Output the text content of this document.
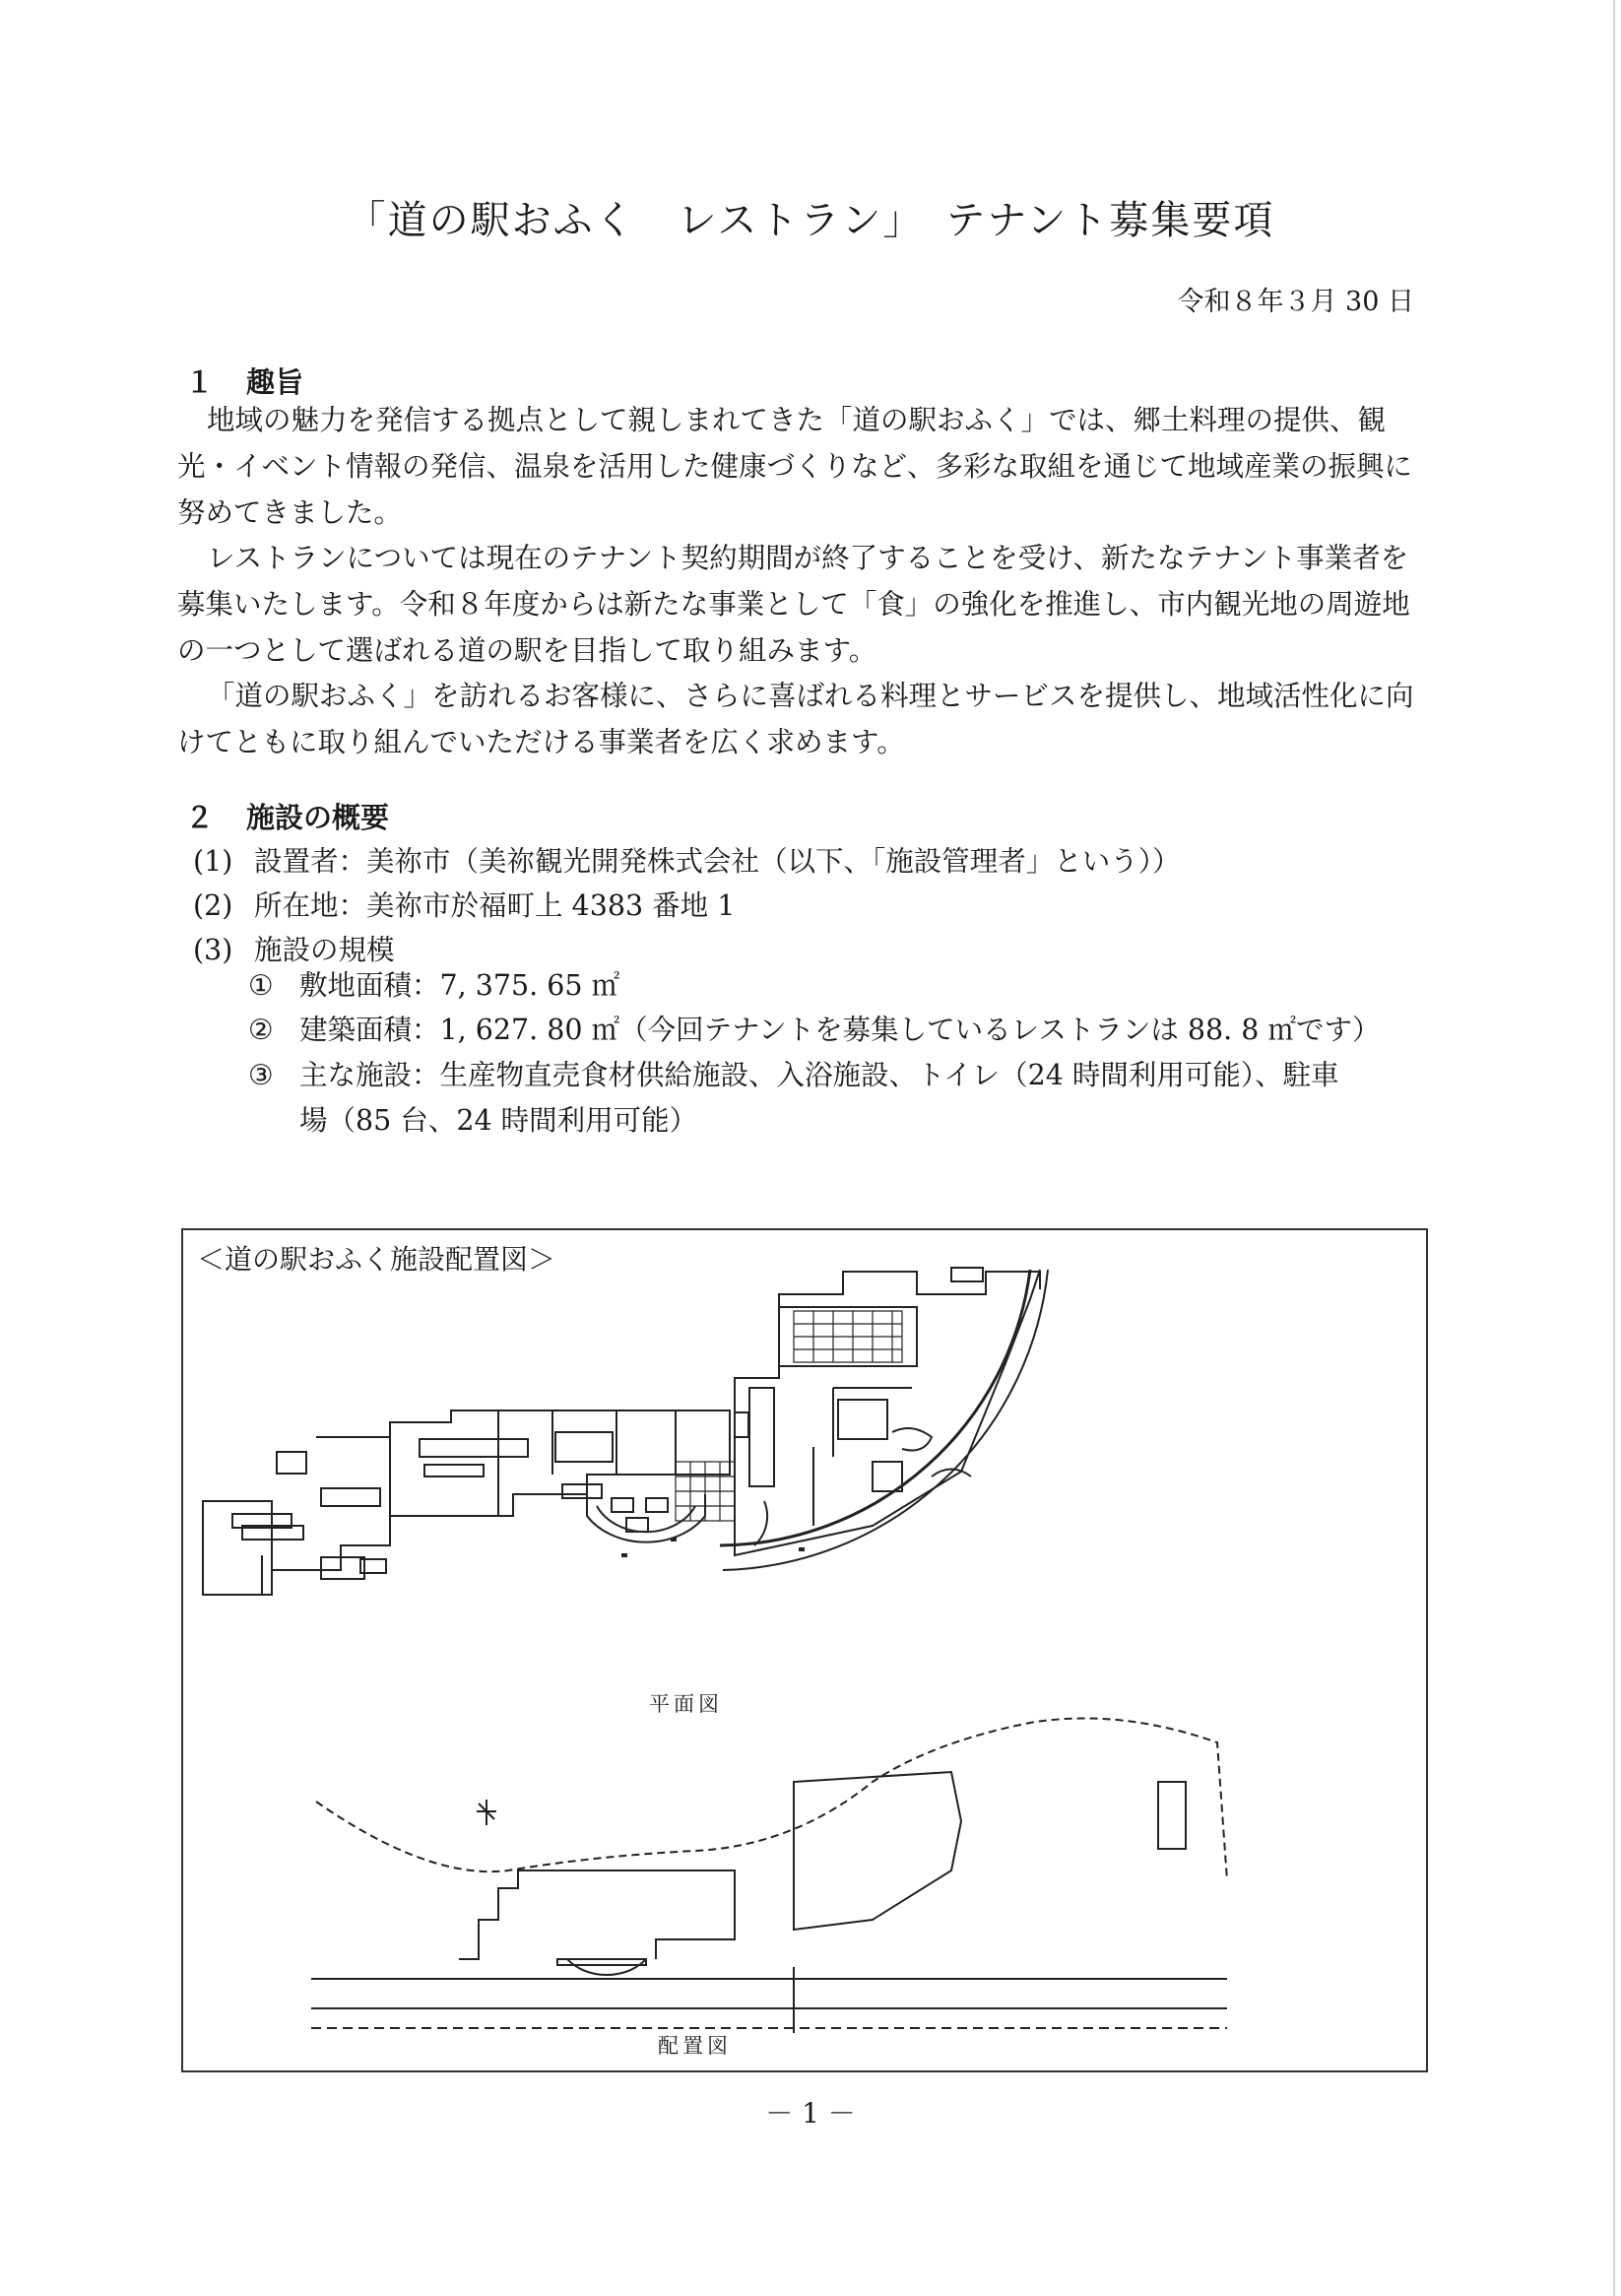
「道の駅おふく　レストラン」　テナント募集要項
令和８年３月 30 日
１ 趣旨

地域の魅力を発信する拠点として親しまれてきた「道の駅おふく」では、郷土料理の提供、観光・イベント情報の発信、温泉を活用した健康づくりなど、多彩な取組を通じて地域産業の振興に努めてきました。

レストランについては現在のテナント契約期間が終了することを受け、新たなテナント事業者を募集いたします。令和８年度からは新たな事業として「食」の強化を推進し、市内観光地の周遊地の一つとして選ばれる道の駅を目指して取り組みます。

「道の駅おふく」を訪れるお客様に、さらに喜ばれる料理とサービスを提供し、地域活性化に向けてともに取り組んでいただける事業者を広く求めます。

２ 施設の概要
(1) 設置者：美祢市（美祢観光開発株式会社（以下、「施設管理者」という））
(2) 所在地：美祢市於福町上 4383 番地 1
(3) 施設の規模
① 敷地面積：7, 375. 65 ㎡
② 建築面積：1, 627. 80 ㎡（今回テナントを募集しているレストランは 88. 8 ㎡です）
③ 主な施設：生産物直売食材供給施設、入浴施設、トイレ（24 時間利用可能）、駐車
場（85 台、24 時間利用可能）
＜道の駅おふく施設配置図＞
平面図
配置図
－ 1 －
